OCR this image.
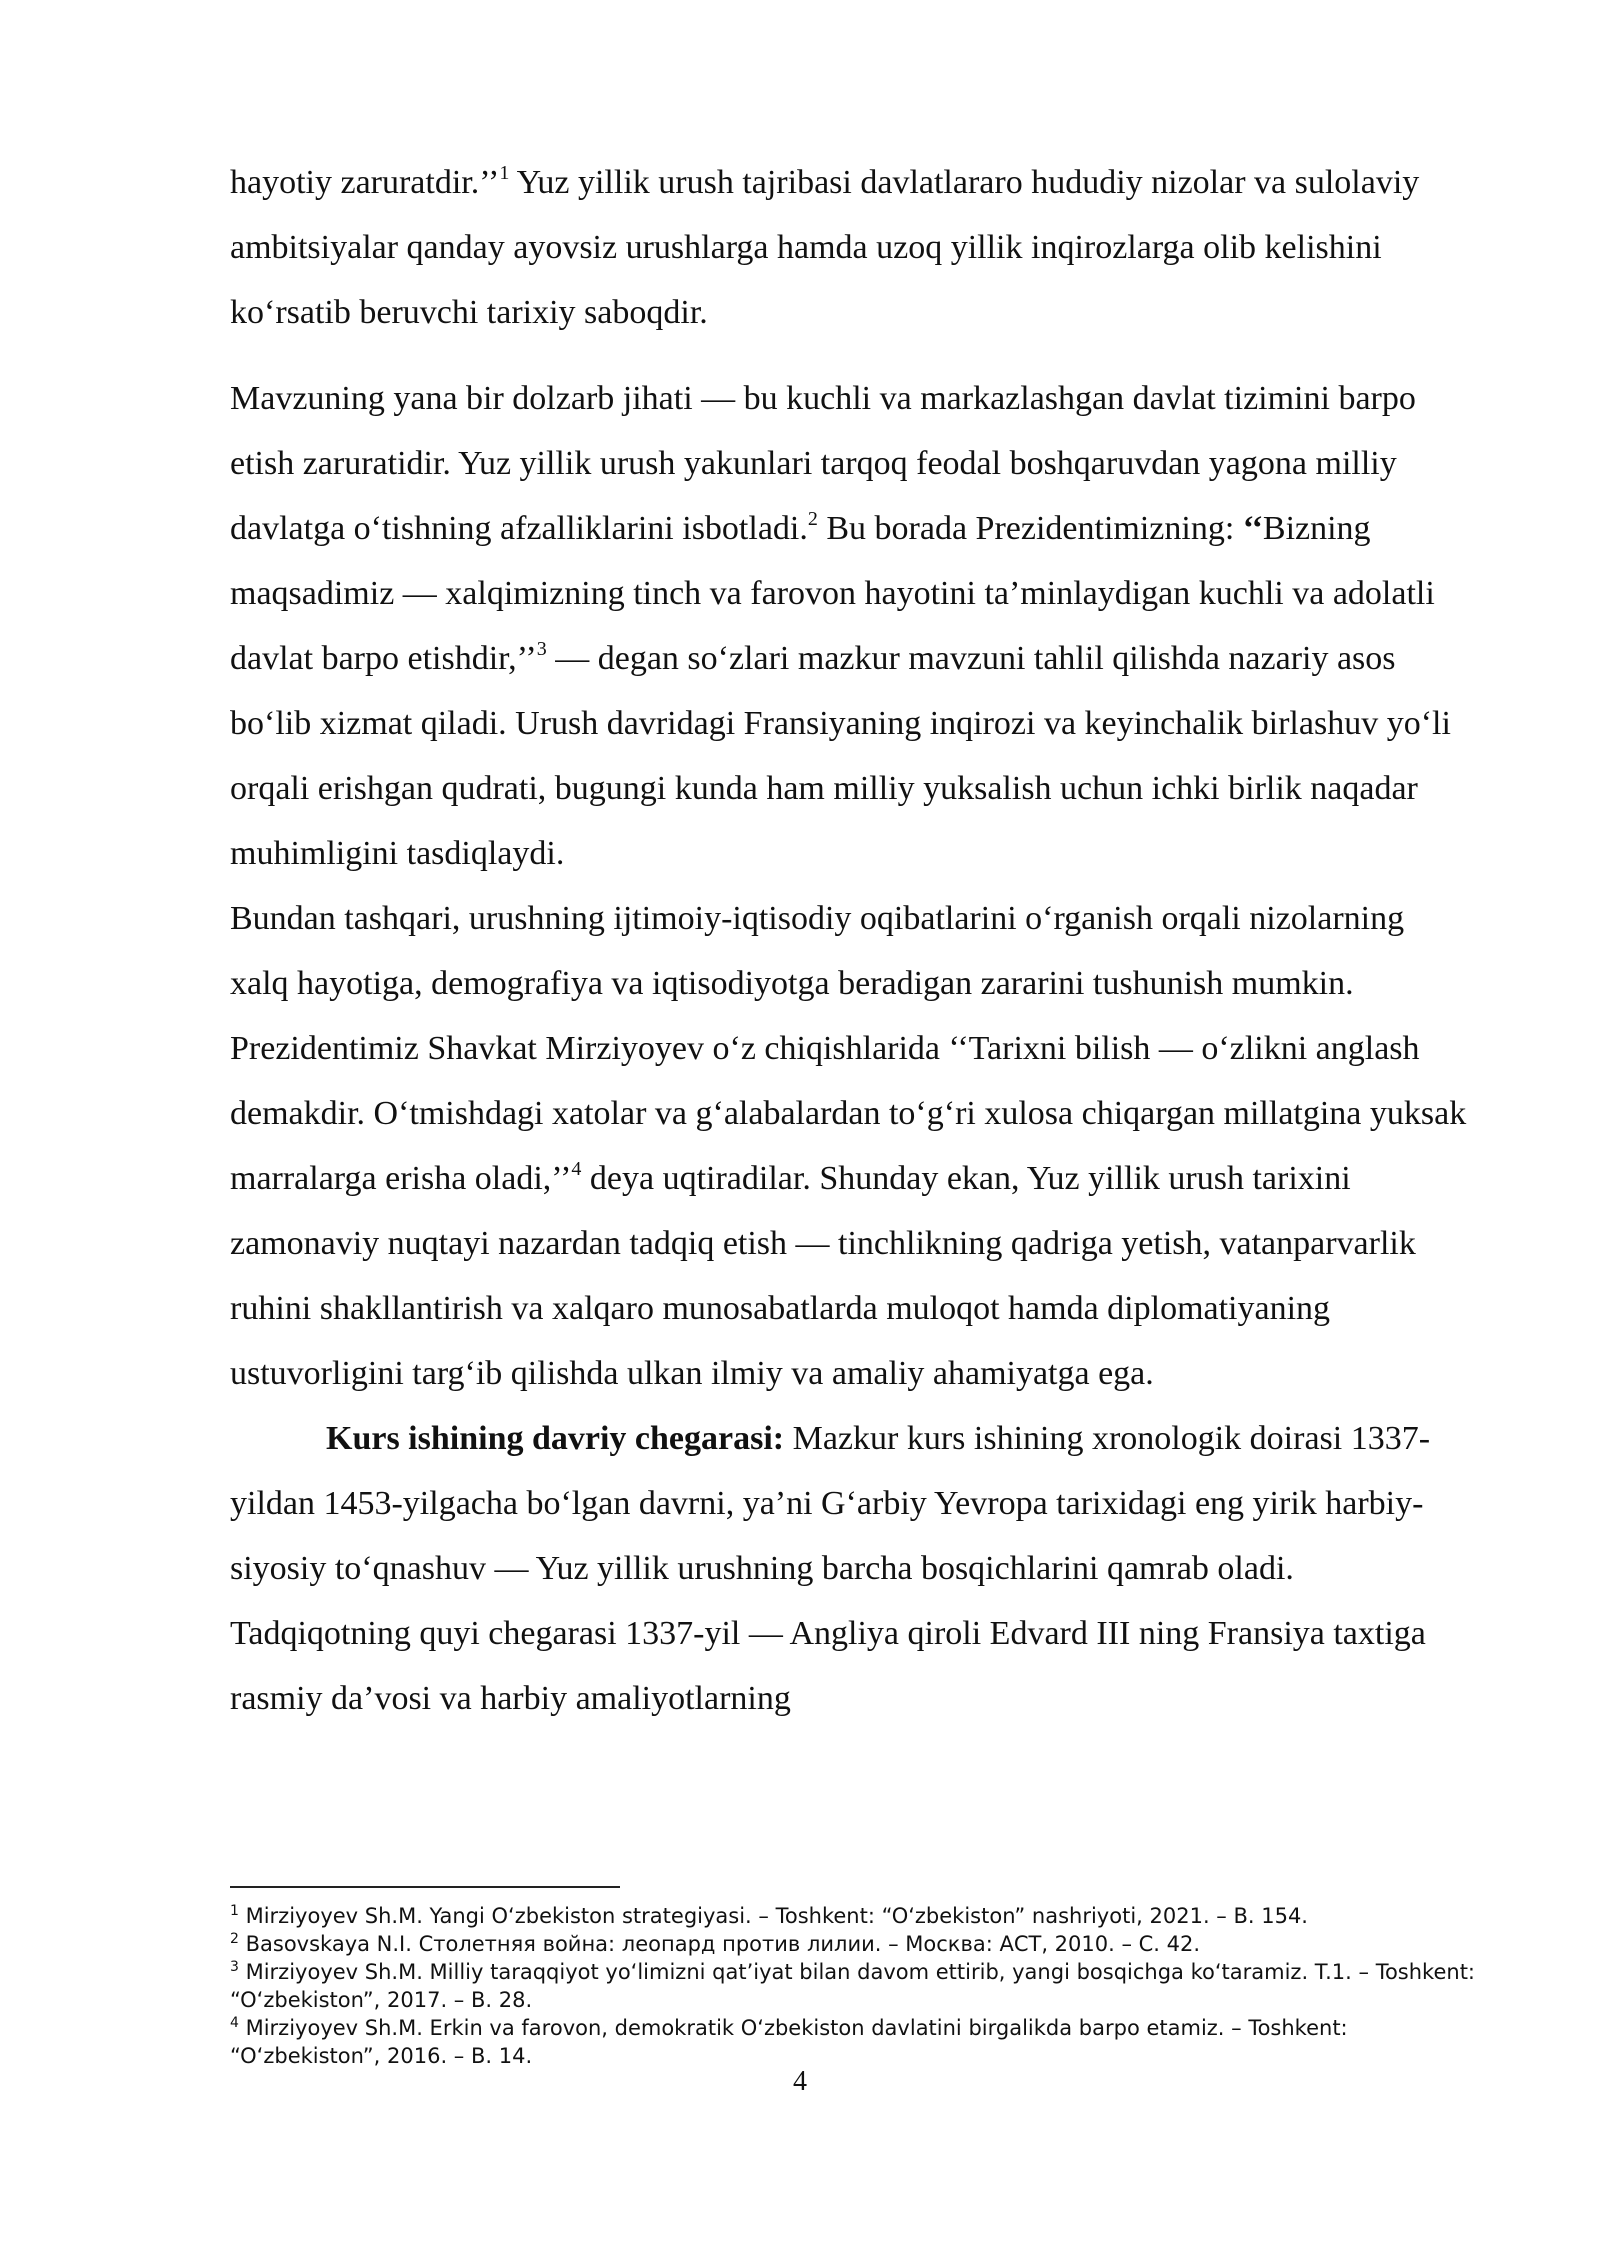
hayotiy zaruratdir.’’$^1$ Yuz yillik urush tajribasi davlatlararo hududiy nizolar va sulolaviy ambitsiyalar qanday ayovsiz urushlarga hamda uzoq yillik inqirozlarga olib kelishini koʻrsatib beruvchi tarixiy saboqdir.

Mavzuning yana bir dolzarb jihati — bu kuchli va markazlashgan davlat tizimini barpo etish zaruratidir. Yuz yillik urush yakunlari tarqoq feodal boshqaruvdan yagona milliy davlatga oʻtishning afzalliklarini isbotladi.$^2$ Bu borada Prezidentimizning: ‘‘Bizning maqsadimiz — xalqimizning tinch va farovon hayotini ta’minlaydigan kuchli va adolatli davlat barpo etishdir,’’$^3$ — degan soʻzlari mazkur mavzuni tahlil qilishda nazariy asos boʻlib xizmat qiladi. Urush davridagi Fransiyaning inqirozi va keyinchalik birlashuv yoʻli orqali erishgan qudrati, bugungi kunda ham milliy yuksalish uchun ichki birlik naqadar muhimligini tasdiqlaydi.

Bundan tashqari, urushning ijtimoiy-iqtisodiy oqibatlarini oʻrganish orqali nizolarning xalq hayotiga, demografiya va iqtisodiyotga beradigan zararini tushunish mumkin. Prezidentimiz Shavkat Mirziyoyev oʻz chiqishlarida ‘‘Tarixni bilish — oʻzlikni anglash demakdir. Oʻtmishdagi xatolar va gʻalabalardan toʻgʻri xulosa chiqargan millatgina yuksak marralarga erisha oladi,’’$^4$ deya uqtiradilar. Shunday ekan, Yuz yillik urush tarixini zamonaviy nuqtayi nazardan tadqiq etish — tinchlikning qadriga yetish, vatanparvarlik ruhini shakllantirish va xalqaro munosabatlarda muloqot hamda diplomatiyaning ustuvorligini targʻib qilishda ulkan ilmiy va amaliy ahamiyatga ega.

Kurs ishining davriy chegarasi: Mazkur kurs ishining xronologik doirasi 1337-yildan 1453-yilgacha boʻlgan davrni, ya’ni Gʻarbiy Yevropa tarixidagi eng yirik harbiy-siyosiy toʻqnashuv — Yuz yillik urushning barcha bosqichlarini qamrab oladi. Tadqiqotning quyi chegarasi 1337-yil — Angliya qiroli Edvard III ning Fransiya taxtiga rasmiy da’vosi va harbiy amaliyotlarning

$^1$ Mirziyoyev Sh.M. Yangi Oʻzbekiston strategiyasi. – Toshkent: “Oʻzbekiston” nashriyoti, 2021. – B. 154.

$^2$ Basovskaya N.I. Столетняя война: леопард против лилии. – Москва: АСТ, 2010. – С. 42.

$^3$ Mirziyoyev Sh.M. Milliy taraqqiyot yoʻlimizni qat’iyat bilan davom ettirib, yangi bosqichga koʻtaramiz. T.1. – Toshkent: “Oʻzbekiston”, 2017. – B. 28.

$^4$ Mirziyoyev Sh.M. Erkin va farovon, demokratik Oʻzbekiston davlatini birgalikda barpo etamiz. – Toshkent: “Oʻzbekiston”, 2016. – B. 14.

4
